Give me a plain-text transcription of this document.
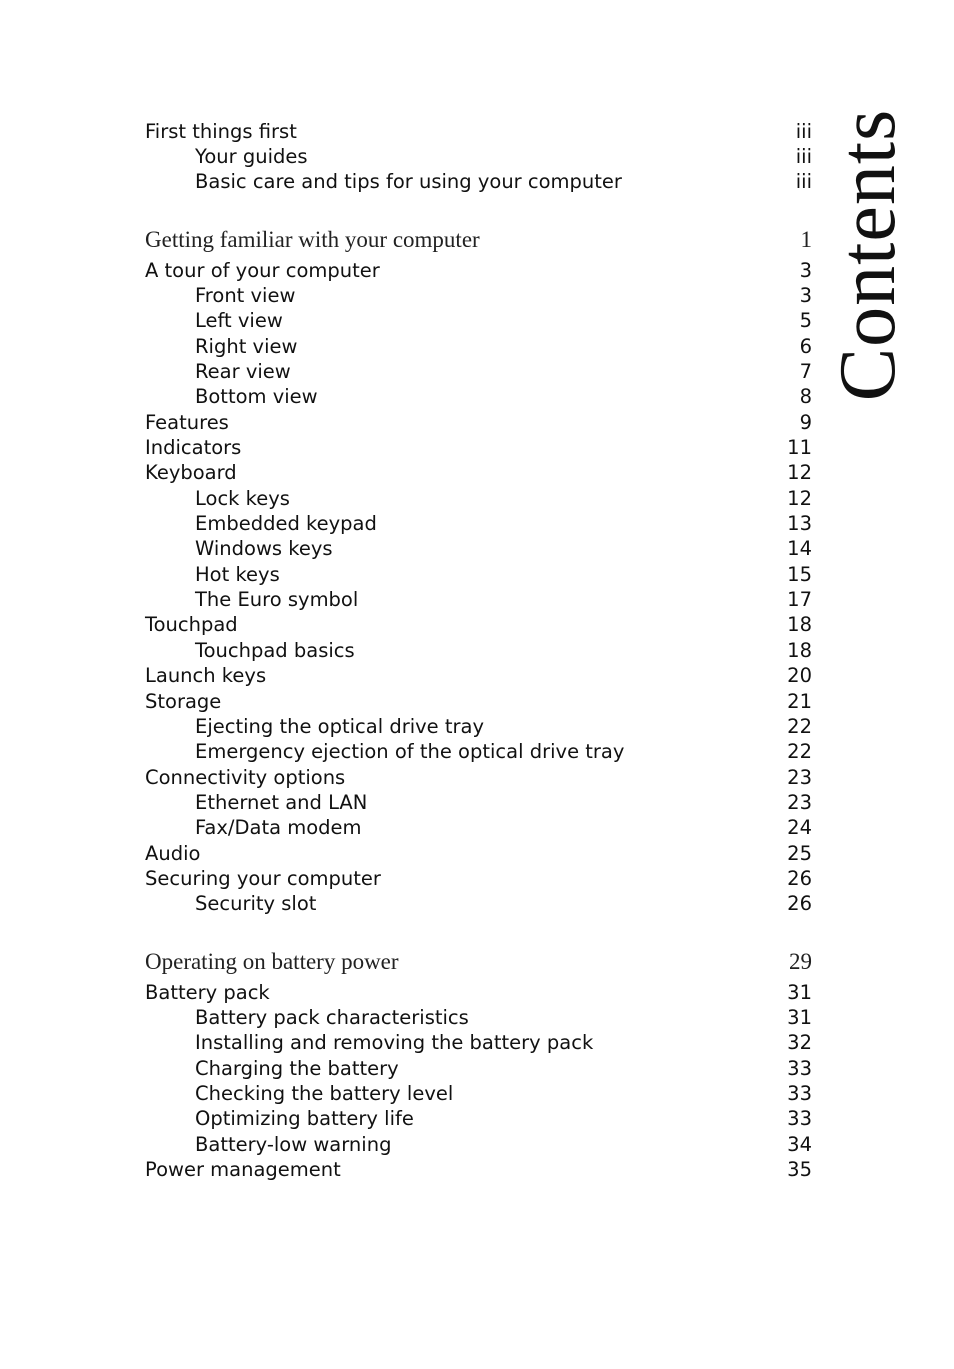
Contents
First things first	iii
Your guides	iii
Basic care and tips for using your computer	iii
Getting familiar with your computer	1
A tour of your computer	3
Front view	3
Left view	5
Right view	6
Rear view	7
Bottom view	8
Features	9
Indicators	11
Keyboard	12
Lock keys	12
Embedded keypad	13
Windows keys	14
Hot keys	15
The Euro symbol	17
Touchpad	18
Touchpad basics	18
Launch keys	20
Storage	21
Ejecting the optical drive tray	22
Emergency ejection of the optical drive tray	22
Connectivity options	23
Ethernet and LAN	23
Fax/Data modem	24
Audio	25
Securing your computer	26
Security slot	26
Operating on battery power	29
Battery pack	31
Battery pack characteristics	31
Installing and removing the battery pack	32
Charging the battery	33
Checking the battery level	33
Optimizing battery life	33
Battery-low warning	34
Power management	35
